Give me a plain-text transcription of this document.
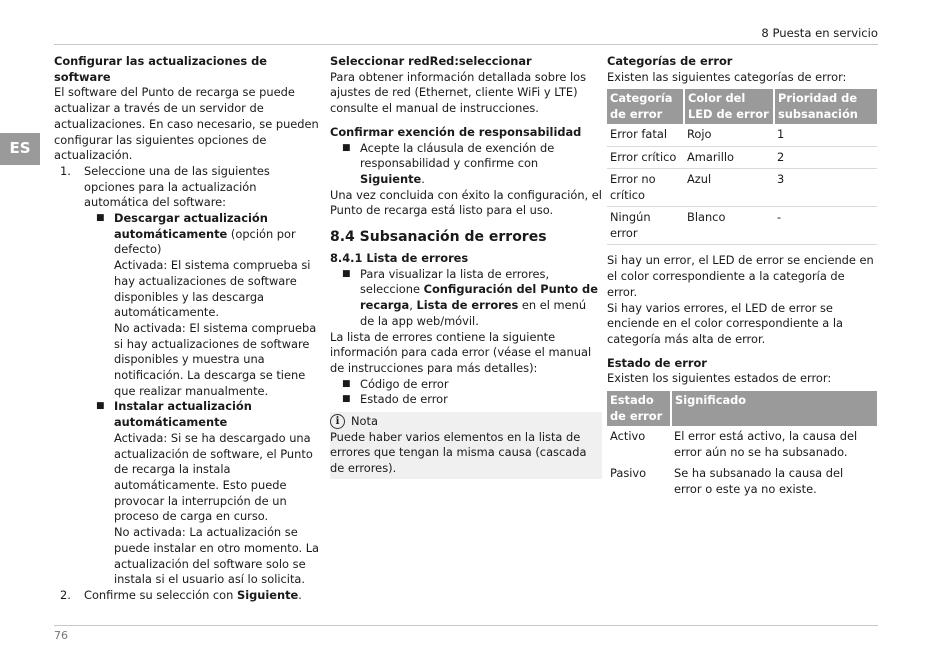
8 Puesta en servicio
ES

Configurar las actualizaciones de software

El software del Punto de recarga se puede actualizar a través de un servidor de actualizaciones. En caso necesario, se pueden configurar las siguientes opciones de actualización.

1. Seleccione una de las siguientes opciones para la actualización automática del software:
■ Descargar actualización automáticamente (opción por defecto)

Activada: El sistema comprueba si hay actualizaciones de software disponibles y las descarga automáticamente.

No activada: El sistema comprueba si hay actualizaciones de software disponibles y muestra una notificación. La descarga se tiene que realizar manualmente.

■ Instalar actualización automáticamente

Activada: Si se ha descargado una actualización de software, el Punto de recarga la instala automáticamente. Esto puede provocar la interrupción de un proceso de carga en curso.

No activada: La actualización se puede instalar en otro momento. La actualización del software solo se instala si el usuario así lo solicita.

2. Confirme su selección con Siguiente.

Seleccionar redRed:seleccionar

Para obtener información detallada sobre los ajustes de red (Ethernet, cliente WiFi y LTE) consulte el manual de instrucciones.

Confirmar exención de responsabilidad

■ Acepte la cláusula de exención de responsabilidad y confirme con Siguiente.

Una vez concluida con éxito la configuración, el Punto de recarga está listo para el uso.

8.4 Subsanación de errores

8.4.1 Lista de errores

■ Para visualizar la lista de errores, seleccione Configuración del Punto de recarga, Lista de errores en el menú de la app web/móvil.

La lista de errores contiene la siguiente información para cada error (véase el manual de instrucciones para más detalles):

■ Código de error
■ Estado de error
i	Nota

Puede haber varios elementos en la lista de errores que tengan la misma causa (cascada de errores).

Categorías de error

Existen las siguientes categorías de error:

Categoría de error	Color del LED de error	Prioridad de subsanación
Error fatal	Rojo	1
Error crítico	Amarillo	2
Error no crítico	Azul	3
Ningún error	Blanco	-

Si hay un error, el LED de error se enciende en el color correspondiente a la categoría de error.

Si hay varios errores, el LED de error se enciende en el color correspondiente a la categoría más alta de error.

Estado de error

Existen los siguientes estados de error:

Estado de error	Significado
Activo	El error está activo, la causa del error aún no se ha subsanado.
Pasivo	Se ha subsanado la causa del error o este ya no existe.
76
